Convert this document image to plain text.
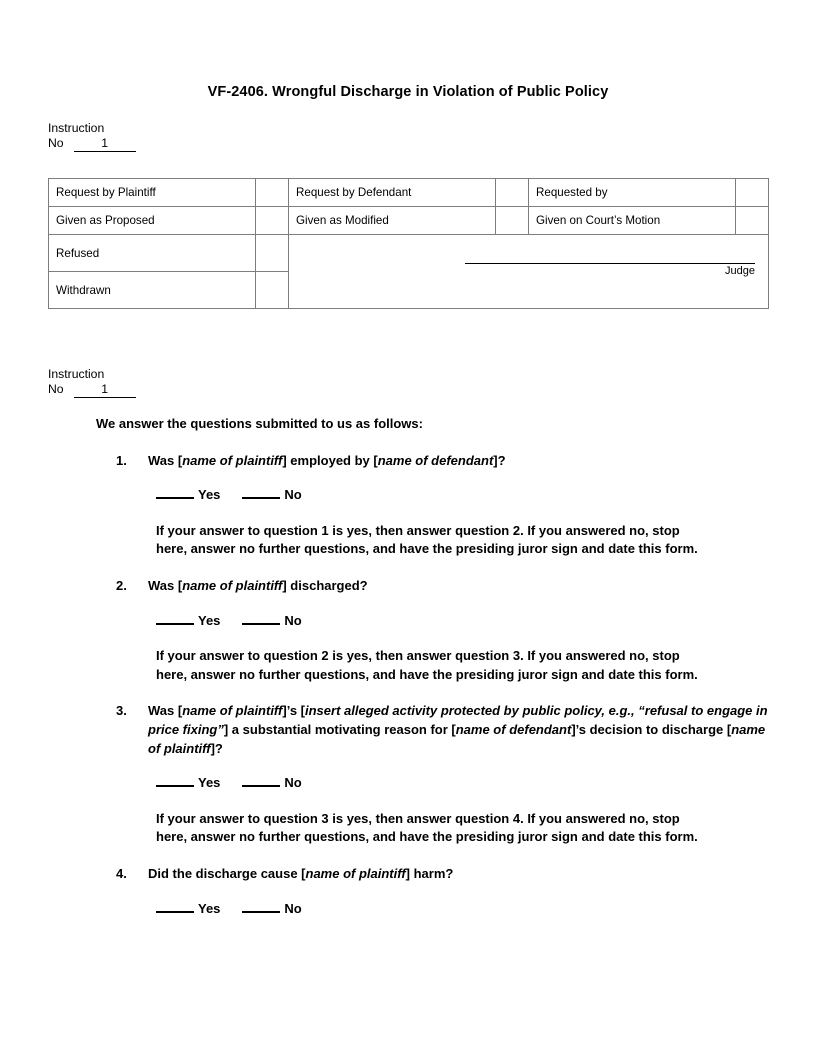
VF-2406. Wrongful Discharge in Violation of Public Policy
Instruction
No	1
Request by Plaintiff		Request by Defendant		Requested by	
Given as Proposed		Given as Modified		Given on Court’s Motion	
Refused		Judge			

Withdrawn					
Instruction
No	1
We answer the questions submitted to us as follows:
1.	Was [name of plaintiff] employed by [name of defendant]?
Yes	No
If your answer to question 1 is yes, then answer question 2. If you answered no, stop here, answer no further questions, and have the presiding juror sign and date this form.
2.	Was [name of plaintiff] discharged?
Yes	No
If your answer to question 2 is yes, then answer question 3. If you answered no, stop here, answer no further questions, and have the presiding juror sign and date this form.
3.	Was [name of plaintiff]’s [insert alleged activity protected by public policy, e.g., “refusal to engage in price fixing”] a substantial motivating reason for [name of defendant]’s decision to discharge [name of plaintiff]?
Yes	No
If your answer to question 3 is yes, then answer question 4. If you answered no, stop here, answer no further questions, and have the presiding juror sign and date this form.
4.	Did the discharge cause [name of plaintiff] harm?
Yes	No
